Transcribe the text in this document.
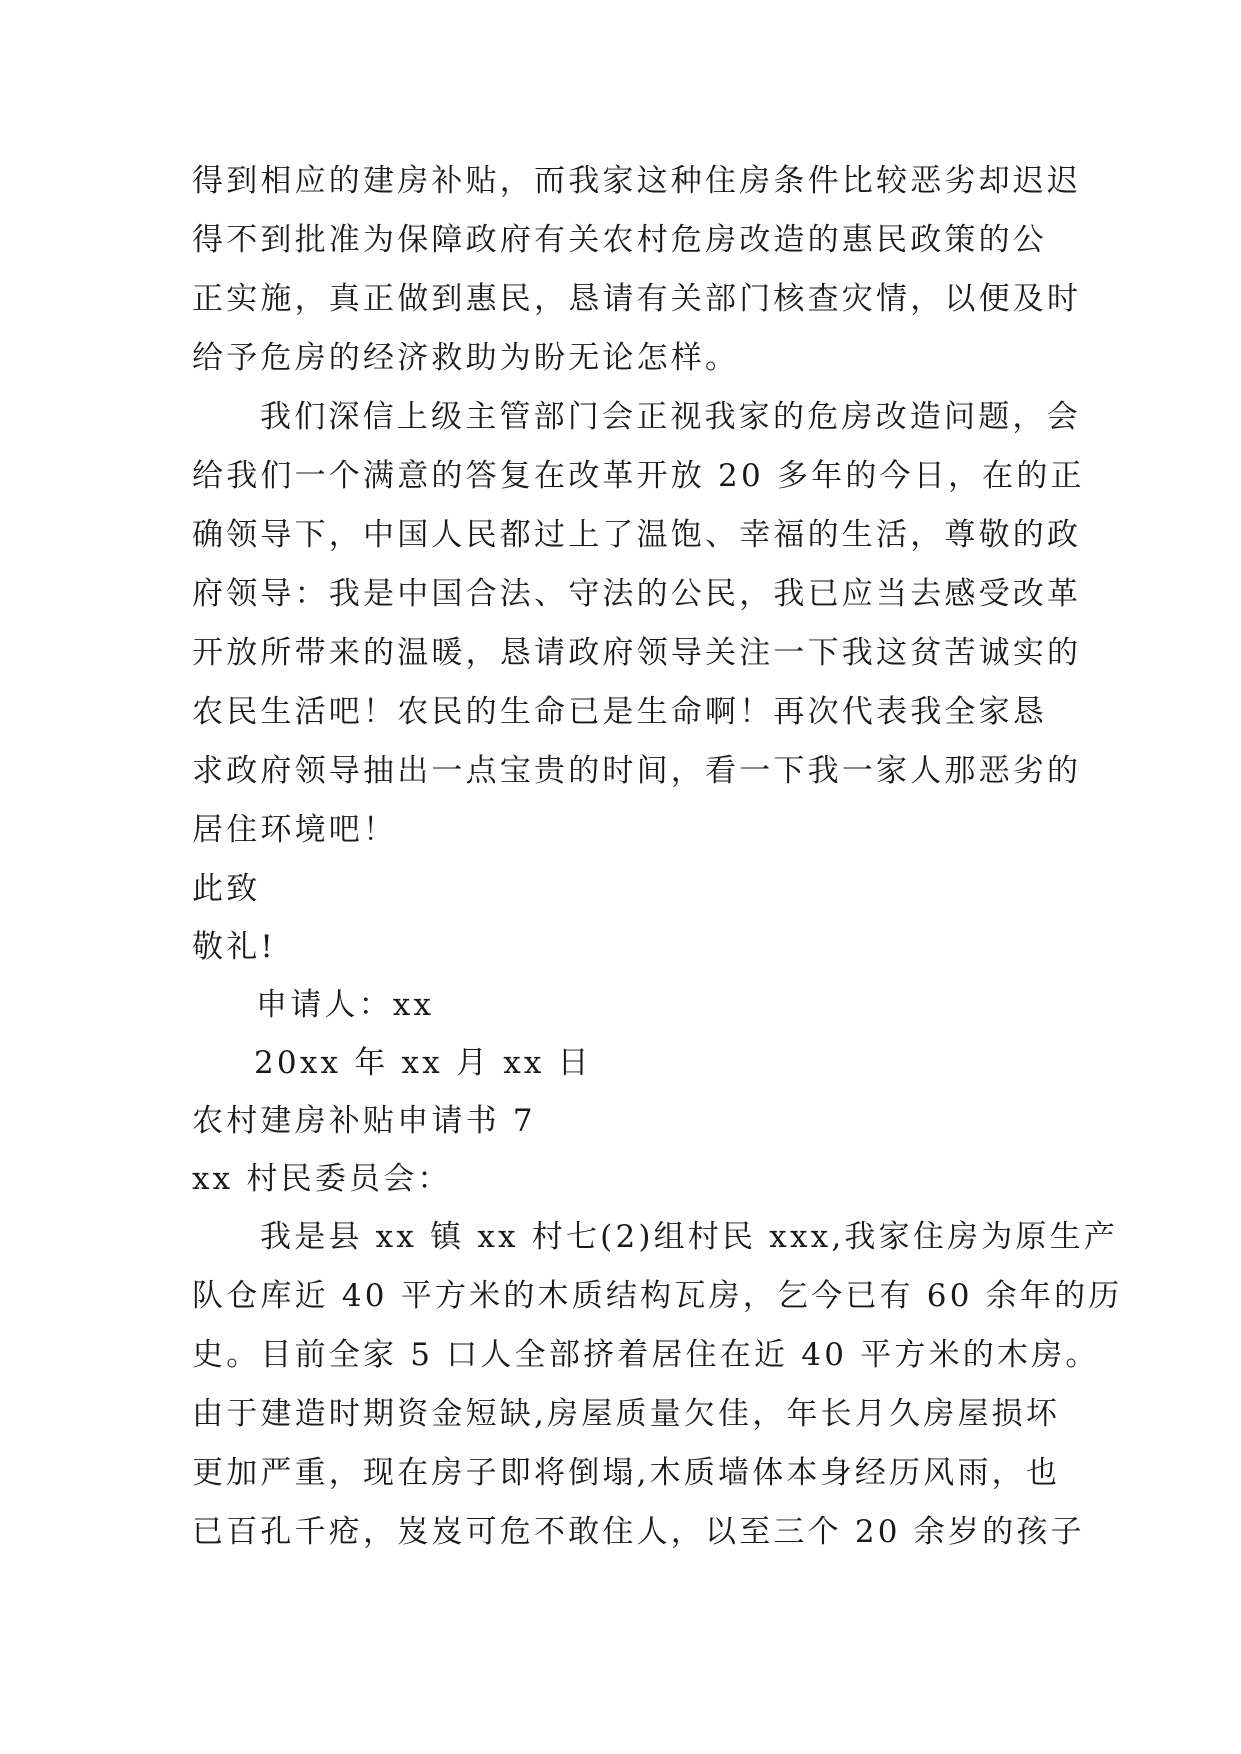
得到相应的建房补贴，而我家这种住房条件比较恶劣却迟迟
得不到批准为保障政府有关农村危房改造的惠民政策的公
正实施，真正做到惠民，恳请有关部门核查灾情，以便及时
给予危房的经济救助为盼无论怎样。
我们深信上级主管部门会正视我家的危房改造问题，会
给我们一个满意的答复在改革开放 20 多年的今日，在的正
确领导下，中国人民都过上了温饱、幸福的生活，尊敬的政
府领导：我是中国合法、守法的公民，我已应当去感受改革
开放所带来的温暖，恳请政府领导关注一下我这贫苦诚实的
农民生活吧！农民的生命已是生命啊！再次代表我全家恳
求政府领导抽出一点宝贵的时间，看一下我一家人那恶劣的
居住环境吧！
此致
敬礼!
申请人：xx
20xx 年 xx 月 xx 日
农村建房补贴申请书 7
xx 村民委员会：
我是县 xx 镇 xx 村七(2)组村民 xxx,我家住房为原生产
队仓库近 40 平方米的木质结构瓦房，乞今已有 60 余年的历
史。目前全家 5 口人全部挤着居住在近 40 平方米的木房。
由于建造时期资金短缺,房屋质量欠佳，年长月久房屋损坏
更加严重，现在房子即将倒塌,木质墙体本身经历风雨，也
已百孔千疮，岌岌可危不敢住人，以至三个 20 余岁的孩子
